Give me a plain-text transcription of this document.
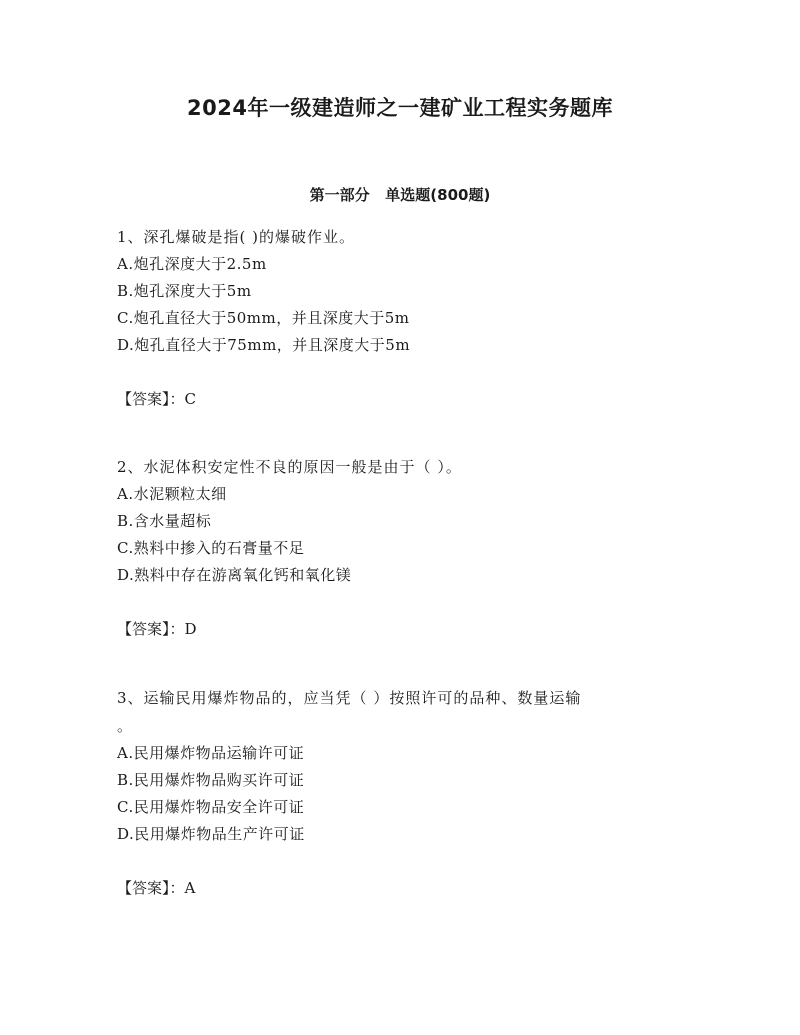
2024年一级建造师之一建矿业工程实务题库
第一部分   单选题(800题)
1、深孔爆破是指( )的爆破作业。
A.炮孔深度大于2.5m
B.炮孔深度大于5m
C.炮孔直径大于50mm，并且深度大于5m
D.炮孔直径大于75mm，并且深度大于5m
【答案】：C
2、水泥体积安定性不良的原因一般是由于（ ）。
A.水泥颗粒太细
B.含水量超标
C.熟料中掺入的石膏量不足
D.熟料中存在游离氧化钙和氧化镁
【答案】：D
3、运输民用爆炸物品的，应当凭（ ）按照许可的品种、数量运输
。
A.民用爆炸物品运输许可证
B.民用爆炸物品购买许可证
C.民用爆炸物品安全许可证
D.民用爆炸物品生产许可证
【答案】：A
